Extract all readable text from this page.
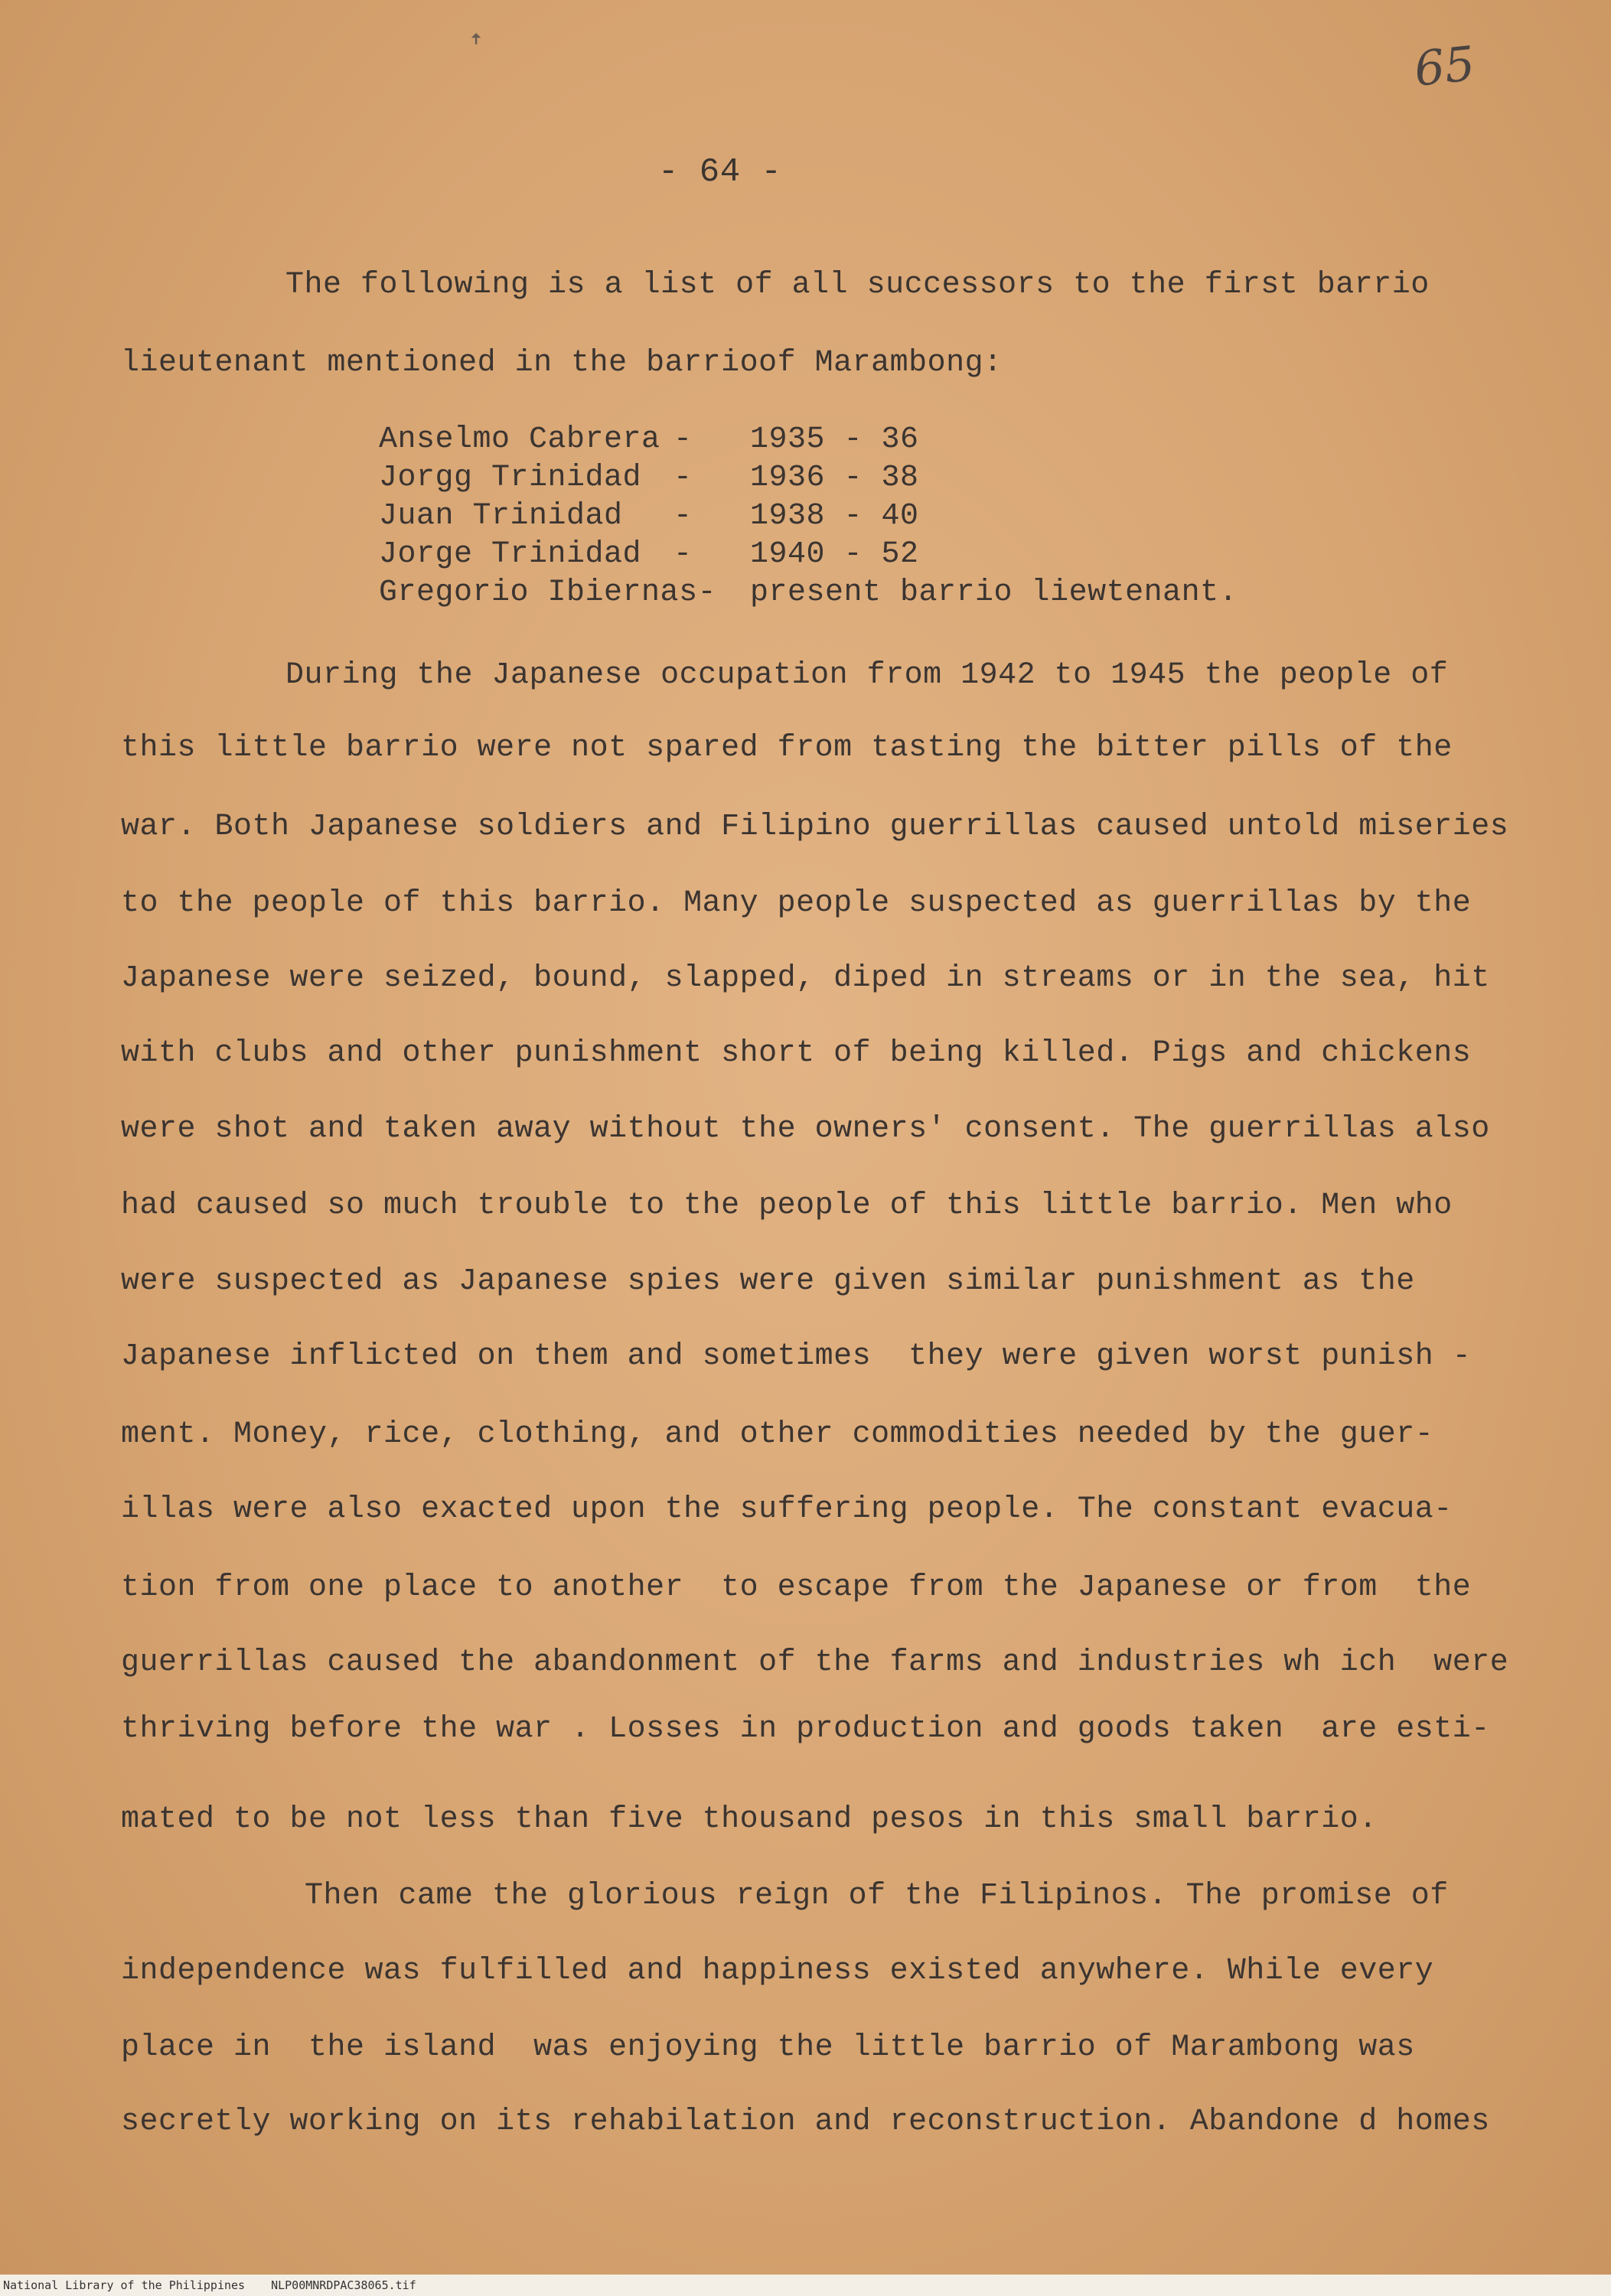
65
- 64 -
ꜛ
The following is a list of all successors to the first barrio
lieutenant mentioned in the barrioof Marambong:
Anselmo Cabrera - 1935 - 36
Jorgg Trinidad - 1936 - 38
Juan Trinidad - 1938 - 40
Jorge Trinidad - 1940 - 52
Gregorio Ibiernas- present barrio liewtenant.
During the Japanese occupation from 1942 to 1945 the people of
this little barrio were not spared from tasting the bitter pills of the
war. Both Japanese soldiers and Filipino guerrillas caused untold miseries
to the people of this barrio. Many people suspected as guerrillas by the
Japanese were seized, bound, slapped, diped in streams or in the sea, hit
with clubs and other punishment short of being killed. Pigs and chickens
were shot and taken away without the owners' consent. The guerrillas also
had caused so much trouble to the people of this little barrio. Men who
were suspected as Japanese spies were given similar punishment as the
Japanese inflicted on them and sometimes  they were given worst punish -
ment. Money, rice, clothing, and other commodities needed by the guer-
illas were also exacted upon the suffering people. The constant evacua-
tion from one place to another  to escape from the Japanese or from  the
guerrillas caused the abandonment of the farms and industries wh ich  were
thriving before the war . Losses in production and goods taken  are esti-
mated to be not less than five thousand pesos in this small barrio.
Then came the glorious reign of the Filipinos. The promise of
independence was fulfilled and happiness existed anywhere. While every
place in  the island  was enjoying the little barrio of Marambong was
secretly working on its rehabilation and reconstruction. Abandone d homes
National Library of the Philippines NLP00MNRDPAC38065.tif
